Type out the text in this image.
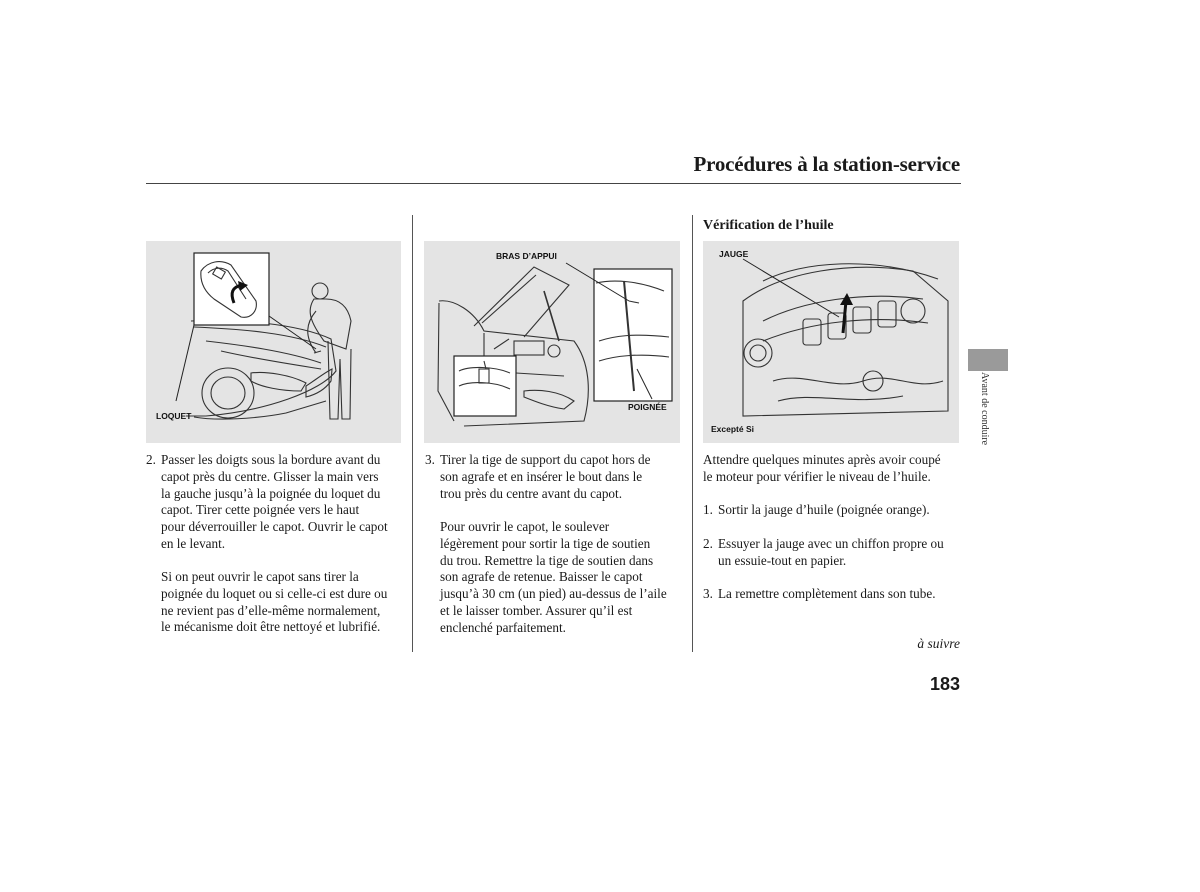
Procédures à la station-service
Vérification de l’huile
LOQUET
BRAS D’APPUI
POIGNÉE
JAUGE
Excepté Si
2. Passer les doigts sous la bordure avant du
capot près du centre. Glisser la main vers
la gauche jusqu’à la poignée du loquet du
capot. Tirer cette poignée vers le haut
pour déverrouiller le capot. Ouvrir le capot
en le levant.
Si on peut ouvrir le capot sans tirer la
poignée du loquet ou si celle-ci est dure ou
ne revient pas d’elle-même normalement,
le mécanisme doit être nettoyé et lubrifié.
3. Tirer la tige de support du capot hors de
son agrafe et en insérer le bout dans le
trou près du centre avant du capot.
Pour ouvrir le capot, le soulever
légèrement pour sortir la tige de soutien
du trou. Remettre la tige de soutien dans
son agrafe de retenue. Baisser le capot
jusqu’à 30 cm (un pied) au-dessus de l’aile
et le laisser tomber. Assurer qu’il est
enclenché parfaitement.
Attendre quelques minutes après avoir coupé
le moteur pour vérifier le niveau de l’huile.
1. Sortir la jauge d’huile (poignée orange).
2. Essuyer la jauge avec un chiffon propre ou
un essuie-tout en papier.
3. La remettre complètement dans son tube.
à suivre
Avant de conduire
183
